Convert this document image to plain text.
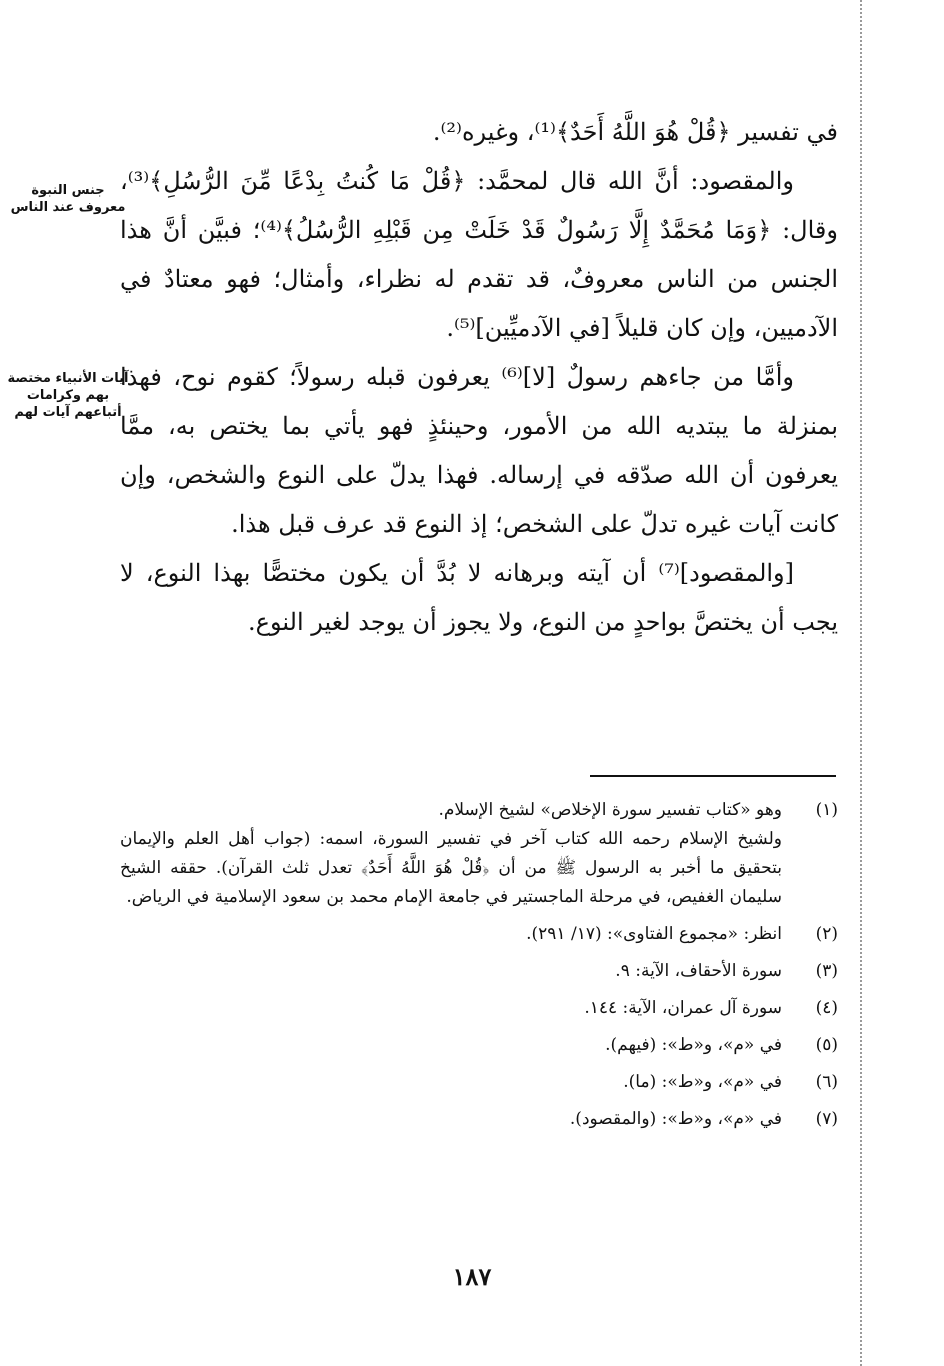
جنس النبوة
معروف عند الناس
آيات الأنبياء مختصة
بهم وكرامات
أتباعهم آيات لهم

في تفسير ﴿قُلْ هُوَ اللَّهُ أَحَدٌ﴾⁽¹⁾، وغيره⁽²⁾.

والمقصود: أنَّ الله قال لمحمَّد: ﴿قُلْ مَا كُنتُ بِدْعًا مِّنَ الرُّسُلِ﴾⁽³⁾، وقال: ﴿وَمَا مُحَمَّدٌ إِلَّا رَسُولٌ قَدْ خَلَتْ مِن قَبْلِهِ الرُّسُلُ﴾⁽⁴⁾؛ فبيَّن أنَّ هذا الجنس من الناس معروفٌ، قد تقدم له نظراء، وأمثال؛ فهو معتادٌ في الآدميين، وإن كان قليلاً [في الآدميِّين]⁽⁵⁾.

وأمَّا من جاءهم رسولٌ [لا]⁽⁶⁾ يعرفون قبله رسولاً؛ كقوم نوح، فهذا بمنزلة ما يبتديه الله من الأمور، وحينئذٍ فهو يأتي بما يختص به، ممَّا يعرفون أن الله صدّقه في إرساله. فهذا يدلّ على النوع والشخص، وإن كانت آيات غيره تدلّ على الشخص؛ إذ النوع قد عرف قبل هذا.

[والمقصود]⁽⁷⁾ أن آيته وبرهانه لا بُدَّ أن يكون مختصًّا بهذا النوع، لا يجب أن يختصَّ بواحدٍ من النوع، ولا يجوز أن يوجد لغير النوع.

(١)
وهو «كتاب تفسير سورة الإخلاص» لشيخ الإسلام.
ولشيخ الإسلام رحمه الله كتاب آخر في تفسير السورة، اسمه: (جواب أهل العلم والإيمان بتحقيق ما أخبر به الرسول ﷺ من أن ﴿قُلْ هُوَ اللَّهُ أَحَدٌ﴾ تعدل ثلث القرآن). حققه الشيخ سليمان الغفيص، في مرحلة الماجستير في جامعة الإمام محمد بن سعود الإسلامية في الرياض.
(٢)
انظر: «مجموع الفتاوى»: (١٧/ ٢٩١).
(٣)
سورة الأحقاف، الآية: ٩.
(٤)
سورة آل عمران، الآية: ١٤٤.
(٥)
في «م»، و«ط»: (فيهم).
(٦)
في «م»، و«ط»: (ما).
(٧)
في «م»، و«ط»: (والمقصود).
١٨٧
